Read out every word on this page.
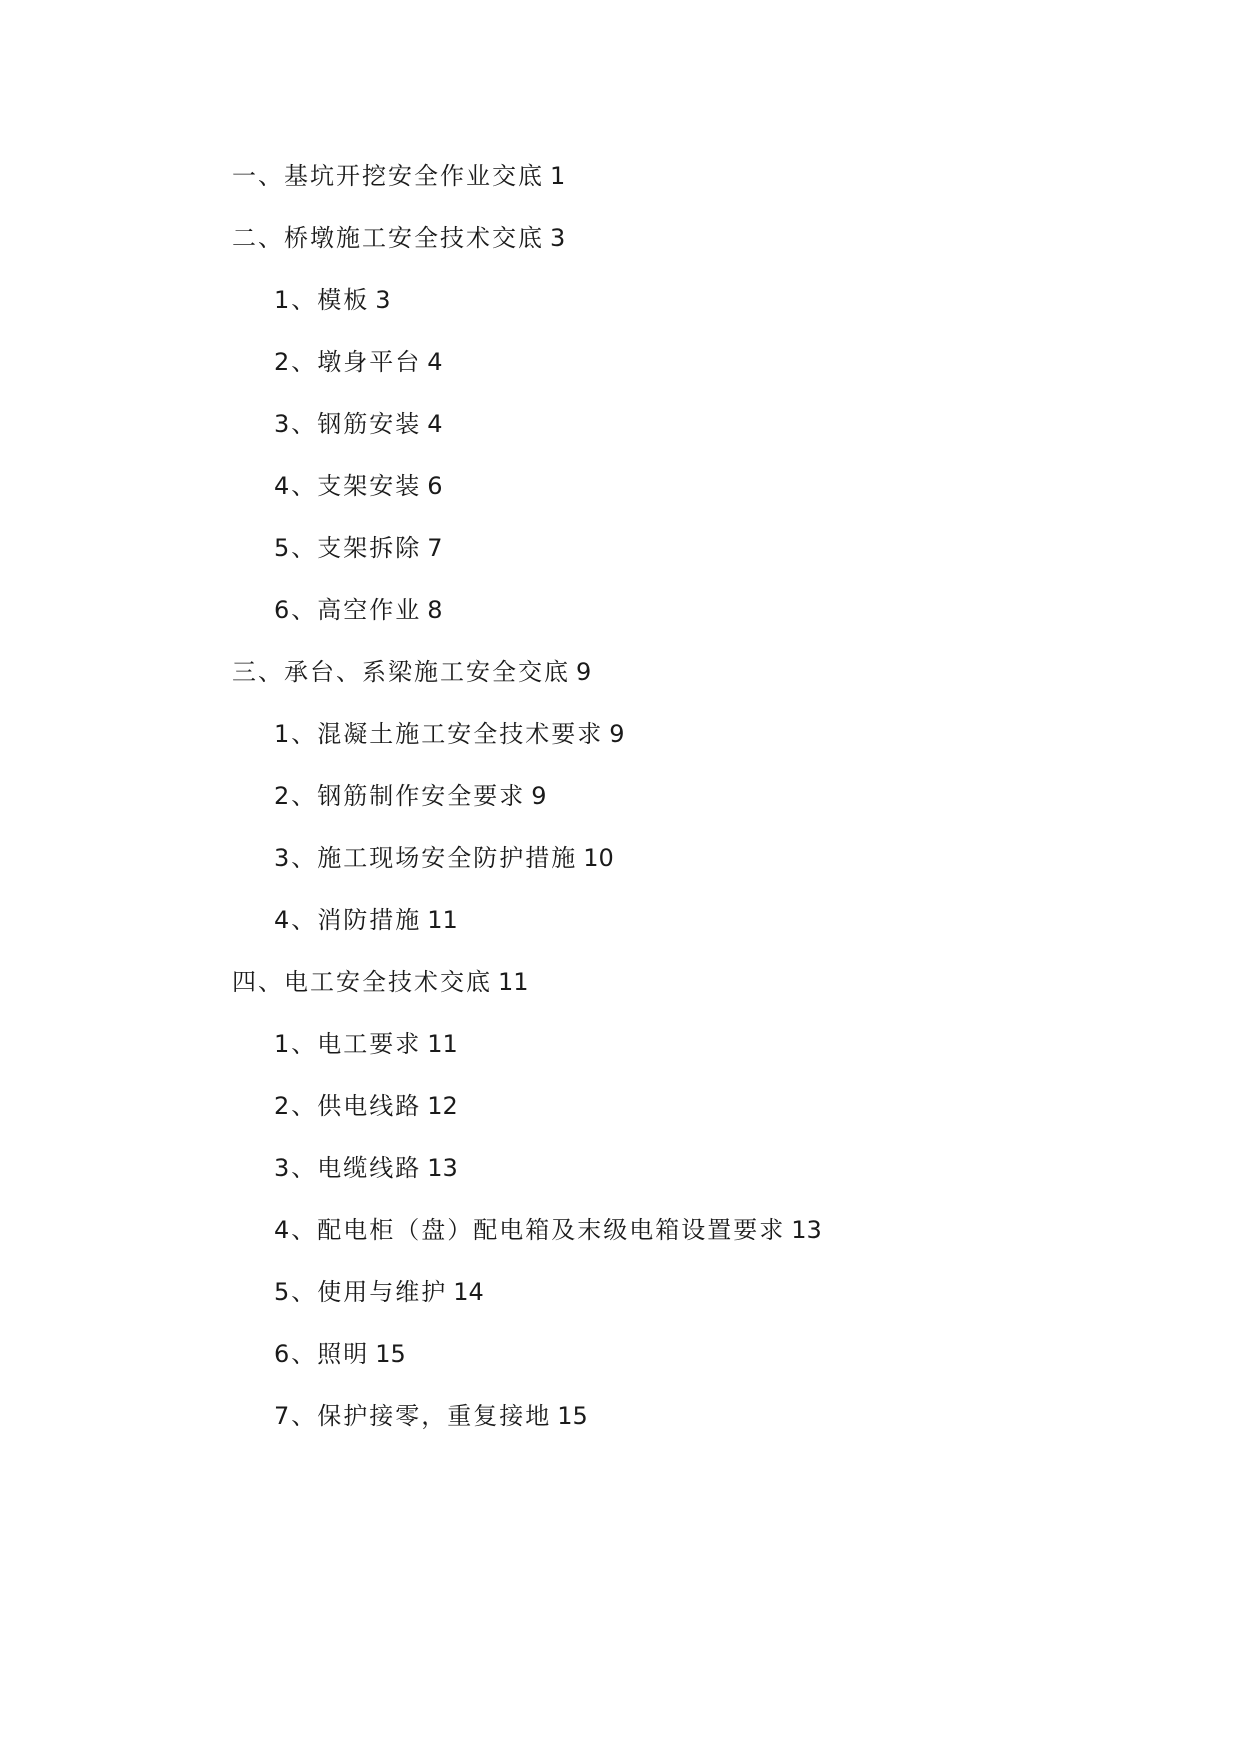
一、基坑开挖安全作业交底 1
二、桥墩施工安全技术交底 3
1、模板 3
2、墩身平台 4
3、钢筋安装 4
4、支架安装 6
5、支架拆除 7
6、高空作业 8
三、承台、系梁施工安全交底 9
1、混凝土施工安全技术要求 9
2、钢筋制作安全要求 9
3、施工现场安全防护措施 10
4、消防措施 11
四、电工安全技术交底 11
1、电工要求 11
2、供电线路 12
3、电缆线路 13
4、配电柜（盘）配电箱及末级电箱设置要求 13
5、使用与维护 14
6、照明 15
7、保护接零，重复接地 15
